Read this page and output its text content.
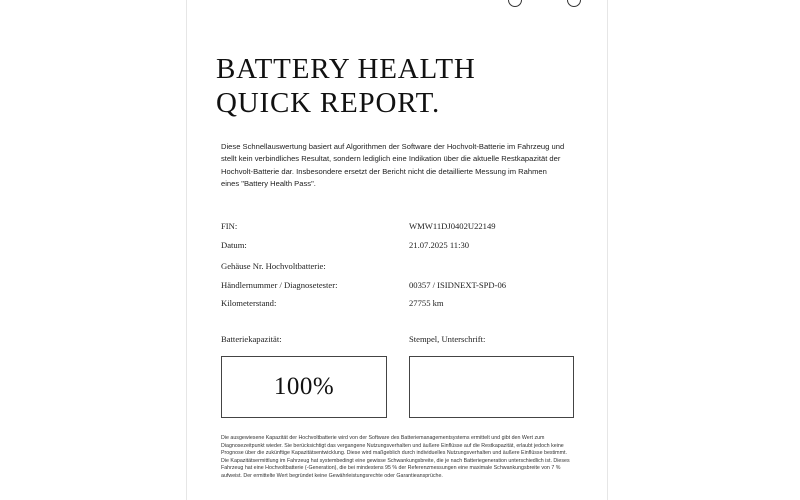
BATTERY HEALTH
QUICK REPORT.

Diese Schnellauswertung basiert auf Algorithmen der Software der Hochvolt-Batterie im Fahrzeug und stellt kein verbindliches Resultat, sondern lediglich eine Indikation über die aktuelle Restkapazität der Hochvolt-Batterie dar. Insbesondere ersetzt der Bericht nicht die detaillierte Messung im Rahmen eines "Battery Health Pass".

FIN:	WMW11DJ0402U22149
Datum:	21.07.2025 11:30
Gehäuse Nr. Hochvoltbatterie:
Händlernummer / Diagnosetester:	00357 / ISIDNEXT-SPD-06
Kilometerstand:	27755 km
Batteriekapazität:	Stempel, Unterschrift:
100%

Die ausgewiesene Kapazität der Hochvoltbatterie wird von der Software des Batteriemanagementsystems ermittelt und gibt den Wert zum Diagnosezeitpunkt wieder. Sie berücksichtigt das vergangene Nutzungsverhalten und äußere Einflüsse auf die Restkapazität, erlaubt jedoch keine Prognose über die zukünftige Kapazitätsentwicklung. Diese wird maßgeblich durch individuelles Nutzungsverhalten und äußere Einflüsse bestimmt. Die Kapazitätsermittlung im Fahrzeug hat systembedingt eine gewisse Schwankungsbreite, die je nach Batteriegeneration unterschiedlich ist. Dieses Fahrzeug hat eine Hochvoltbatterie (-Generation), die bei mindestens 95 % der Referenzmessungen eine maximale Schwankungsbreite von 7 % aufweist. Der ermittelte Wert begründet keine Gewährleistungsrechte oder Garantieansprüche.
